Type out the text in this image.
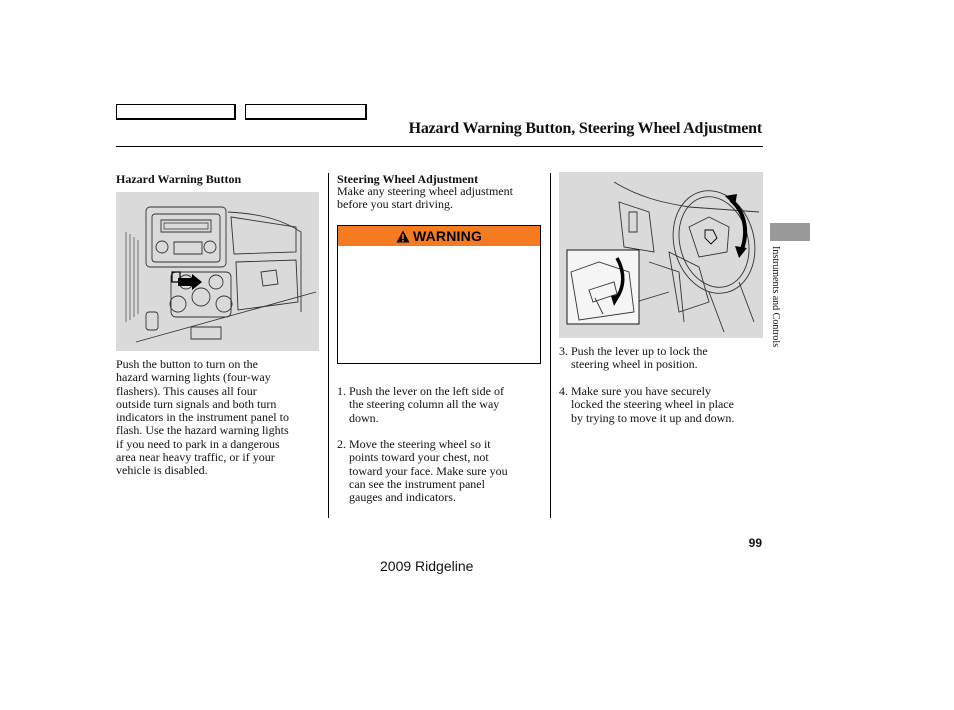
Hazard Warning Button, Steering Wheel Adjustment
Hazard Warning Button
Push the button to turn on the
hazard warning lights (four-way
flashers). This causes all four
outside turn signals and both turn
indicators in the instrument panel to
flash. Use the hazard warning lights
if you need to park in a dangerous
area near heavy traffic, or if your
vehicle is disabled.
Steering Wheel Adjustment
Make any steering wheel adjustment
before you start driving.
WARNING
1. Push the lever on the left side of
the steering column all the way
down.
2. Move the steering wheel so it
points toward your chest, not
toward your face. Make sure you
can see the instrument panel
gauges and indicators.
3. Push the lever up to lock the
steering wheel in position.
4. Make sure you have securely
locked the steering wheel in place
by trying to move it up and down.
Instruments and Controls
99
2009 Ridgeline
